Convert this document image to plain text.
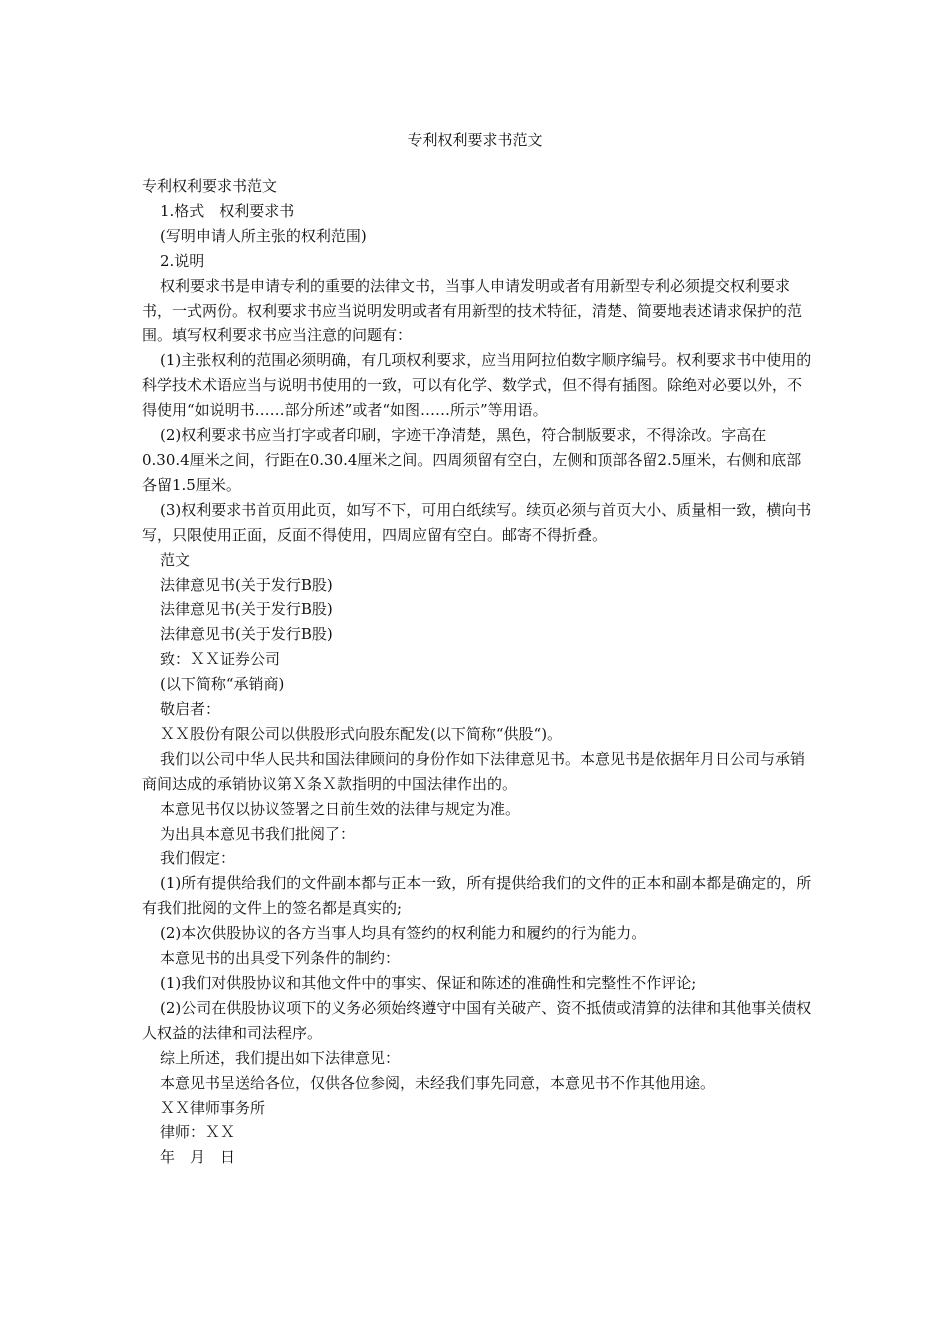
专利权利要求书范文

专利权利要求书范文

1.格式　权利要求书

(写明申请人所主张的权利范围)

2.说明

权利要求书是申请专利的重要的法律文书，当事人申请发明或者有用新型专利必须提交权利要求书，一式两份。权利要求书应当说明发明或者有用新型的技术特征，清楚、简要地表述请求保护的范围。填写权利要求书应当注意的问题有：

(1)主张权利的范围必须明确，有几项权利要求，应当用阿拉伯数字顺序编号。权利要求书中使用的科学技术术语应当与说明书使用的一致，可以有化学、数学式，但不得有插图。除绝对必要以外，不得使用“如说明书……部分所述”或者“如图……所示”等用语。

(2)权利要求书应当打字或者印刷，字迹干净清楚，黑色，符合制版要求，不得涂改。字高在0.30.4厘米之间，行距在0.30.4厘米之间。四周须留有空白，左侧和顶部各留2.5厘米，右侧和底部各留1.5厘米。

(3)权利要求书首页用此页，如写不下，可用白纸续写。续页必须与首页大小、质量相一致，横向书写，只限使用正面，反面不得使用，四周应留有空白。邮寄不得折叠。

范文

法律意见书(关于发行B股)

法律意见书(关于发行B股)

法律意见书(关于发行B股)

致：ＸＸ证券公司

(以下简称“承销商)

敬启者：

ＸＸ股份有限公司以供股形式向股东配发(以下简称“供股“)。

我们以公司中华人民共和国法律顾问的身份作如下法律意见书。本意见书是依据年月日公司与承销商间达成的承销协议第Ｘ条Ｘ款指明的中国法律作出的。

本意见书仅以协议签署之日前生效的法律与规定为准。

为出具本意见书我们批阅了：

我们假定：

(1)所有提供给我们的文件副本都与正本一致，所有提供给我们的文件的正本和副本都是确定的，所有我们批阅的文件上的签名都是真实的;

(2)本次供股协议的各方当事人均具有签约的权利能力和履约的行为能力。

本意见书的出具受下列条件的制约：

(1)我们对供股协议和其他文件中的事实、保证和陈述的准确性和完整性不作评论;

(2)公司在供股协议项下的义务必须始终遵守中国有关破产、资不抵债或清算的法律和其他事关债权人权益的法律和司法程序。

综上所述，我们提出如下法律意见：

本意见书呈送给各位，仅供各位参阅，未经我们事先同意，本意见书不作其他用途。

ＸＸ律师事务所

律师：ＸＸ

年　月　日
